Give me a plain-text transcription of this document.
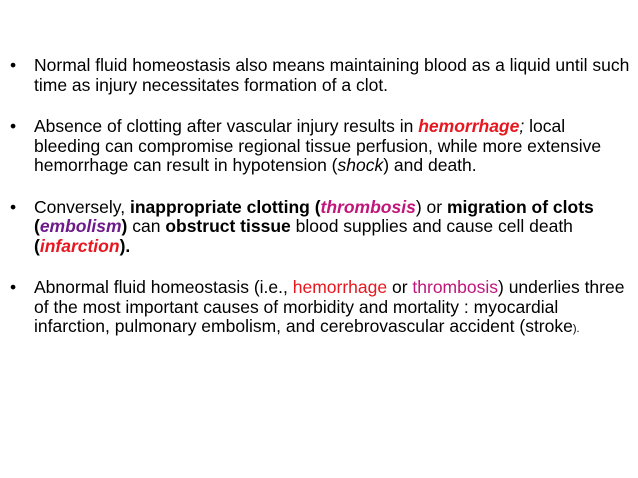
• Normal fluid homeostasis also means maintaining blood as a liquid until such time as injury necessitates formation of a clot.
• Absence of clotting after vascular injury results in hemorrhage; local bleeding can compromise regional tissue perfusion, while more extensive hemorrhage can result in hypotension (shock) and death.
• Conversely, inappropriate clotting (thrombosis) or migration of clots (embolism) can obstruct tissue blood supplies and cause cell death (infarction).
• Abnormal fluid homeostasis (i.e., hemorrhage or thrombosis) underlies three of the most important causes of morbidity and mortality : myocardial infarction, pulmonary embolism, and cerebrovascular accident (stroke).
